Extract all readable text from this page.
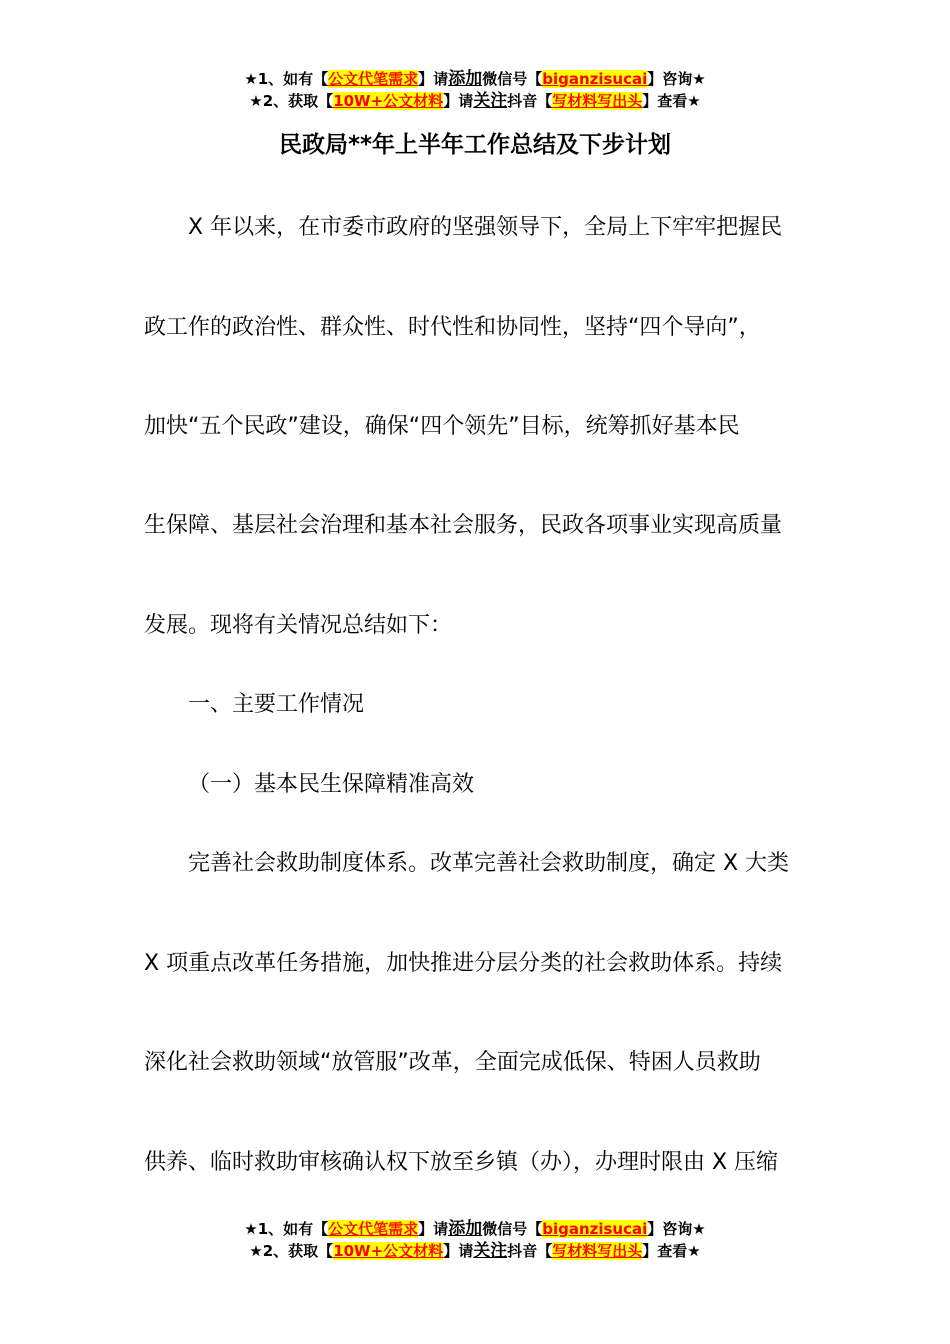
★1、如有【公文代笔需求】请添加微信号【biganzisucai】咨询★
★2、获取【10W+公文材料】请关注抖音【写材料写出头】查看★
民政局**年上半年工作总结及下步计划
X 年以来，在市委市政府的坚强领导下，全局上下牢牢把握民
政工作的政治性、群众性、时代性和协同性，坚持“四个导向”，
加快“五个民政”建设，确保“四个领先”目标，统筹抓好基本民
生保障、基层社会治理和基本社会服务，民政各项事业实现高质量
发展。现将有关情况总结如下：
一、主要工作情况
（一）基本民生保障精准高效
完善社会救助制度体系。改革完善社会救助制度，确定 X 大类
X 项重点改革任务措施，加快推进分层分类的社会救助体系。持续
深化社会救助领域“放管服”改革，全面完成低保、特困人员救助
供养、临时救助审核确认权下放至乡镇（办），办理时限由 X 压缩
★1、如有【公文代笔需求】请添加微信号【biganzisucai】咨询★
★2、获取【10W+公文材料】请关注抖音【写材料写出头】查看★
